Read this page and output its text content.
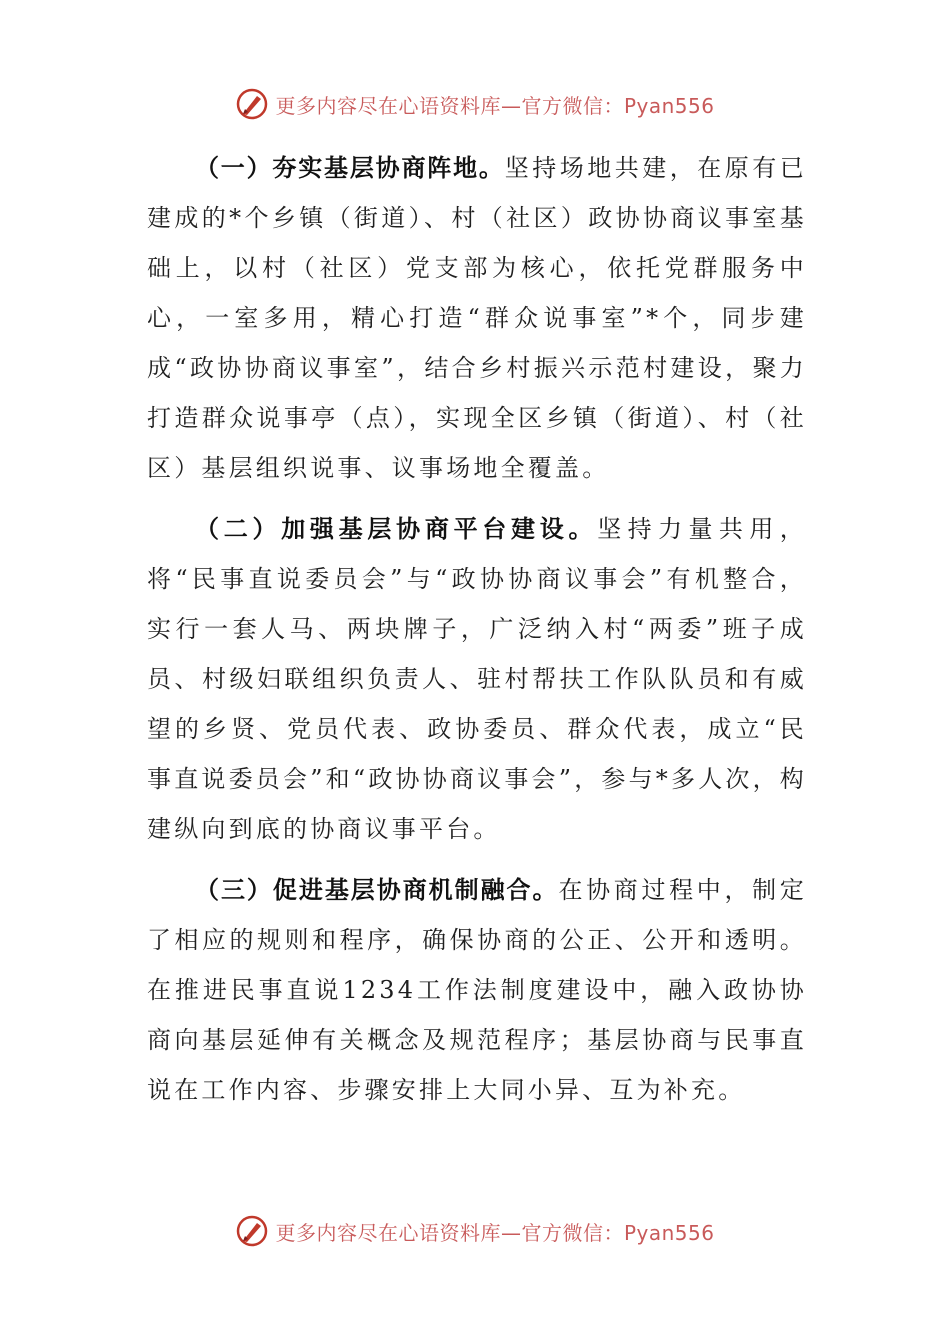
更多内容尽在心语资料库—官方微信：Pyan556

（一）夯实基层协商阵地。坚持场地共建，在原有已建成的*个乡镇（街道）、村（社区）政协协商议事室基础上，以村（社区）党支部为核心，依托党群服务中心，一室多用，精心打造“群众说事室”*个，同步建成“政协协商议事室”，结合乡村振兴示范村建设，聚力打造群众说事亭（点），实现全区乡镇（街道）、村（社区）基层组织说事、议事场地全覆盖。

（二）加强基层协商平台建设。坚持力量共用，将“民事直说委员会”与“政协协商议事会”有机整合，实行一套人马、两块牌子，广泛纳入村“两委”班子成员、村级妇联组织负责人、驻村帮扶工作队队员和有威望的乡贤、党员代表、政协委员、群众代表，成立“民事直说委员会”和“政协协商议事会”，参与*多人次，构建纵向到底的协商议事平台。

（三）促进基层协商机制融合。在协商过程中，制定了相应的规则和程序，确保协商的公正、公开和透明。在推进民事直说1234工作法制度建设中，融入政协协商向基层延伸有关概念及规范程序；基层协商与民事直说在工作内容、步骤安排上大同小异、互为补充。

更多内容尽在心语资料库—官方微信：Pyan556
